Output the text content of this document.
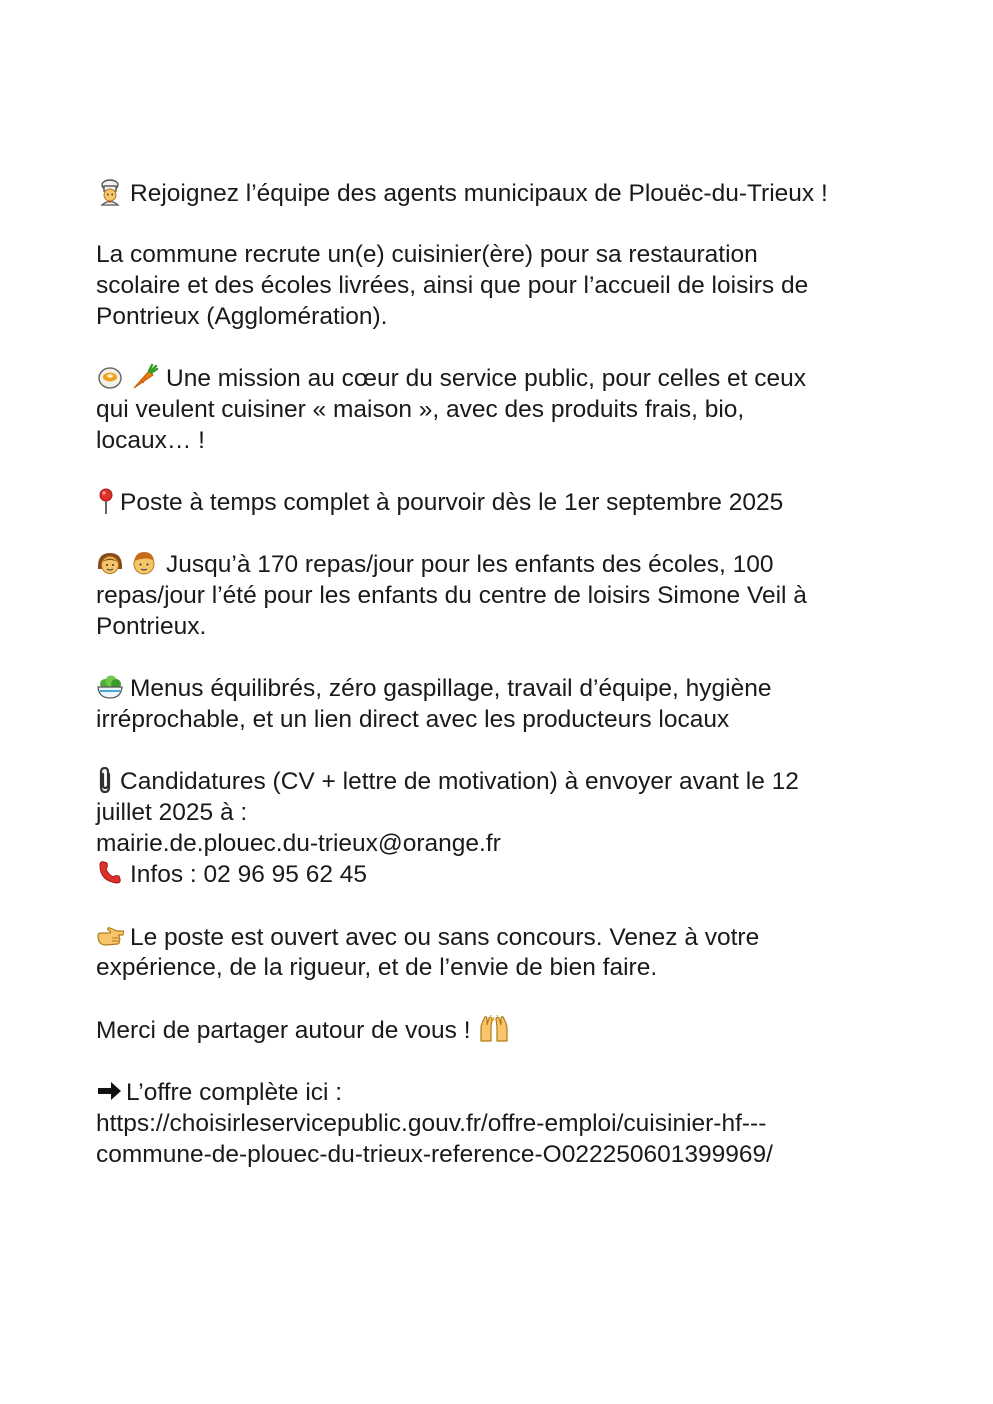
Rejoignez l’équipe des agents municipaux de Plouëc-du-Trieux !
La commune recrute un(e) cuisinier(ère) pour sa restauration
scolaire et des écoles livrées, ainsi que pour l’accueil de loisirs de
Pontrieux (Agglomération).
Une mission au cœur du service public, pour celles et ceux
qui veulent cuisiner « maison », avec des produits frais, bio,
locaux… !
Poste à temps complet à pourvoir dès le 1er septembre 2025
Jusqu’à 170 repas/jour pour les enfants des écoles, 100
repas/jour l’été pour les enfants du centre de loisirs Simone Veil à
Pontrieux.
Menus équilibrés, zéro gaspillage, travail d’équipe, hygiène
irréprochable, et un lien direct avec les producteurs locaux
Candidatures (CV + lettre de motivation) à envoyer avant le 12
juillet 2025 à :
mairie.de.plouec.du-trieux@orange.fr
Infos : 02 96 95 62 45
Le poste est ouvert avec ou sans concours. Venez à votre
expérience, de la rigueur, et de l’envie de bien faire.
Merci de partager autour de vous !
L’offre complète ici :
https://choisirleservicepublic.gouv.fr/offre-emploi/cuisinier-hf---
commune-de-plouec-du-trieux-reference-O022250601399969/
